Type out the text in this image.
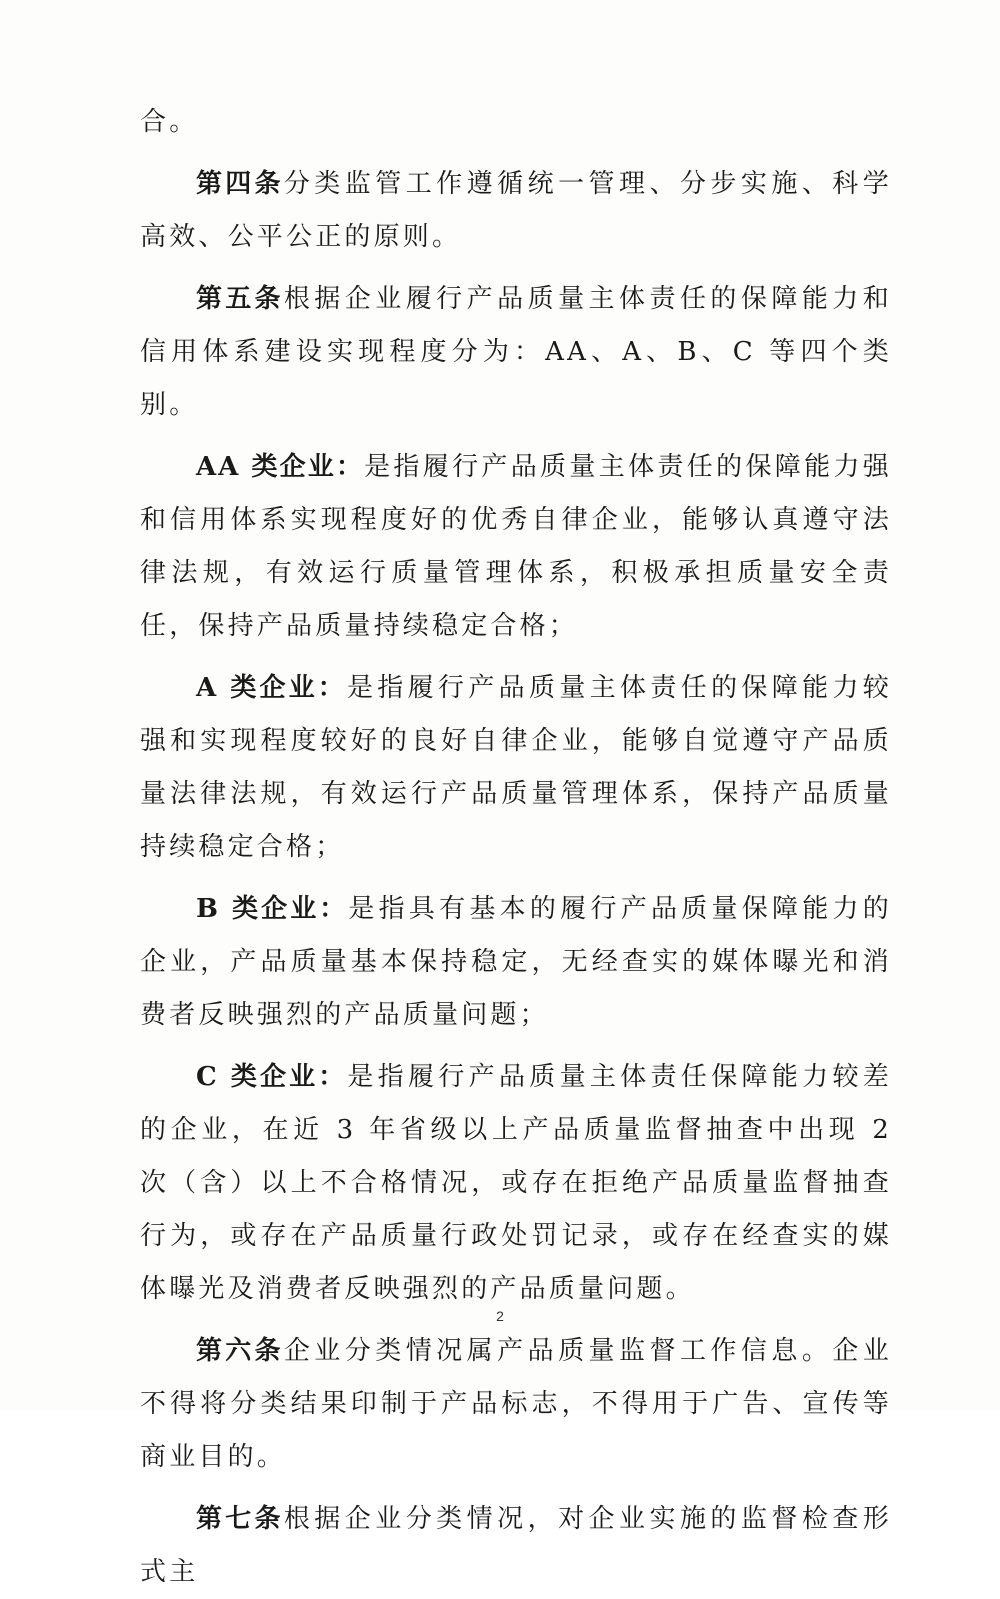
合。

第四条分类监管工作遵循统一管理、分步实施、科学高效、公平公正的原则。

第五条根据企业履行产品质量主体责任的保障能力和信用体系建设实现程度分为：AA、A、B、C 等四个类别。

AA 类企业：是指履行产品质量主体责任的保障能力强和信用体系实现程度好的优秀自律企业，能够认真遵守法律法规，有效运行质量管理体系，积极承担质量安全责任，保持产品质量持续稳定合格；

A 类企业：是指履行产品质量主体责任的保障能力较强和实现程度较好的良好自律企业，能够自觉遵守产品质量法律法规，有效运行产品质量管理体系，保持产品质量持续稳定合格；

B 类企业：是指具有基本的履行产品质量保障能力的企业，产品质量基本保持稳定，无经查实的媒体曝光和消费者反映强烈的产品质量问题；

C 类企业：是指履行产品质量主体责任保障能力较差的企业，在近 3 年省级以上产品质量监督抽查中出现 2 次（含）以上不合格情况，或存在拒绝产品质量监督抽查行为，或存在产品质量行政处罚记录，或存在经查实的媒体曝光及消费者反映强烈的产品质量问题。

第六条企业分类情况属产品质量监督工作信息。企业不得将分类结果印制于产品标志，不得用于广告、宣传等商业目的。

第七条根据企业分类情况，对企业实施的监督检查形式主

2
